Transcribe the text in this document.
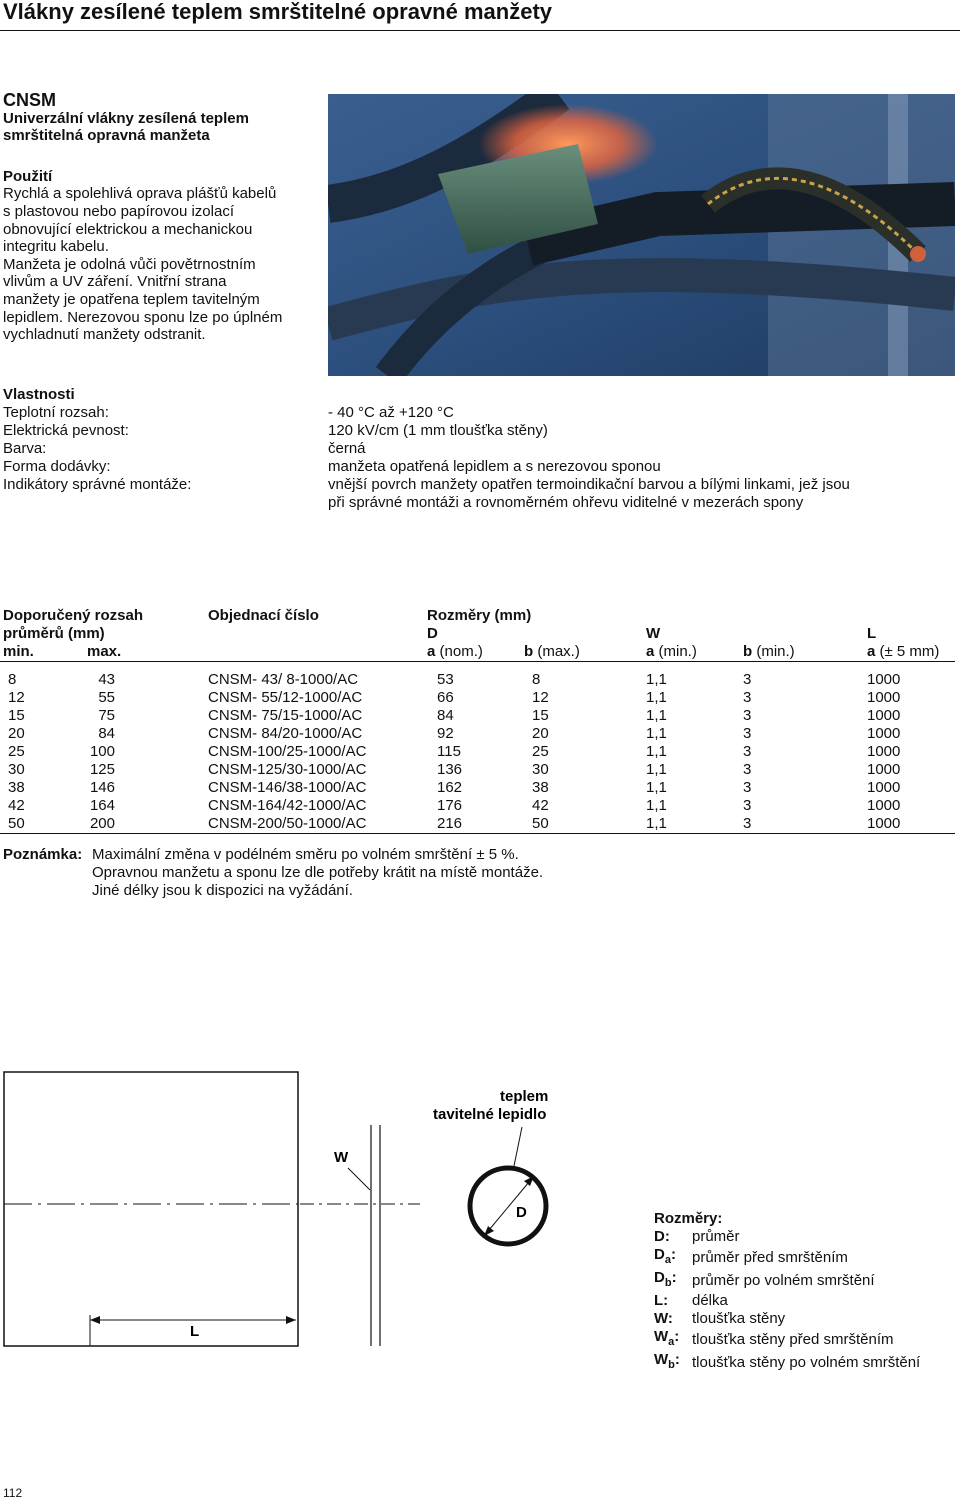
Vlákny zesílené teplem smrštitelné opravné manžety
CNSM
Univerzální vlákny zesílená teplem
smrštitelná opravná manžeta
Použití
Rychlá a spolehlivá oprava plášťů kabelů
s plastovou nebo papírovou izolací
obnovující elektrickou a mechanickou
integritu kabelu.
Manžeta je odolná vůči povětrnostním
vlivům a UV záření. Vnitřní strana
manžety je opatřena teplem tavitelným
lepidlem. Nerezovou sponu lze po úplném
vychladnutí manžety odstranit.
Vlastnosti
Teplotní rozsah:	- 40 °C až +120 °C
Elektrická pevnost:	120 kV/cm (1 mm tloušťka stěny)
Barva:	černá
Forma dodávky:	manžeta opatřená lepidlem a s nerezovou sponou
Indikátory správné montáže:	vnější povrch manžety opatřen termoindikační barvou a bílými linkami, jež jsou
	při správné montáži a rovnoměrném ohřevu viditelné v mezerách spony
Doporučený rozsah		Objednací číslo	Rozměry (mm)				
průměrů (mm)			D		W		L
min.	max.		a (nom.)	b (max.)	a (min.)	b (min.)	a (± 5 mm)

8	43	CNSM- 43/ 8-1000/AC	53	8	1,1	3	1000
12	55	CNSM- 55/12-1000/AC	66	12	1,1	3	1000
15	75	CNSM- 75/15-1000/AC	84	15	1,1	3	1000
20	84	CNSM- 84/20-1000/AC	92	20	1,1	3	1000
25	100	CNSM-100/25-1000/AC	115	25	1,1	3	1000
30	125	CNSM-125/30-1000/AC	136	30	1,1	3	1000
38	146	CNSM-146/38-1000/AC	162	38	1,1	3	1000
42	164	CNSM-164/42-1000/AC	176	42	1,1	3	1000
50	200	CNSM-200/50-1000/AC	216	50	1,1	3	1000
Poznámka: Maximální změna v podélném směru po volném smrštění ± 5 %.
Opravnou manžetu a sponu lze dle potřeby krátit na místě montáže.
Jiné délky jsou k dispozici na vyžádání.
L
W
D
teplem
tavitelné lepidlo
Rozměry:
D:	průměr
$D_a$:	průměr před smrštěním
$D_b$:	průměr po volném smrštění
L:	délka
W:	tloušťka stěny
$W_a$:	tloušťka stěny před smrštěním
$W_b$:	tloušťka stěny po volném smrštění
112
